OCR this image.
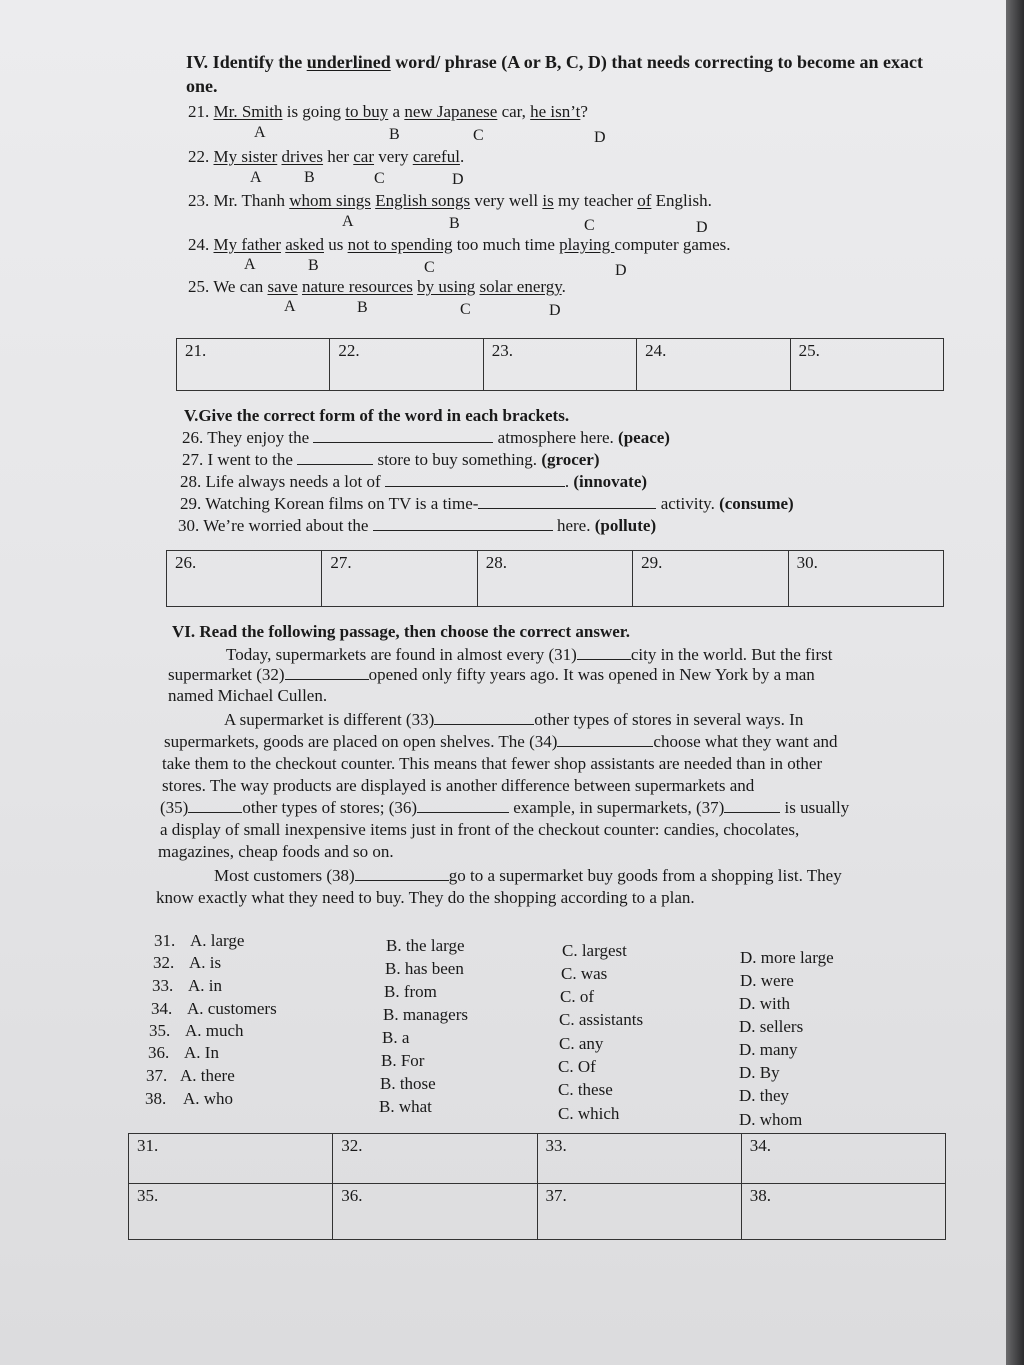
IV. Identify the underlined word/ phrase (A or B, C, D) that needs correcting to become an exact
one.
21. Mr. Smith is going to buy a new Japanese car, he isn’t?
A	B	C	D
22. My sister drives her car very careful.
A	B	C	D
23. Mr. Thanh whom sings English songs very well is my teacher of English.
A	B	C	D
24. My father asked us not to spending too much time playing computer games.
A	B	C	D
25. We can save nature resources by using solar energy.
A	B	C	D
21.	22.	23.	24.	25.
V.Give the correct form of the word in each brackets.
26. They enjoy the	atmosphere here. (peace)
27. I went to the	store to buy something. (grocer)
28. Life always needs a lot of	. (innovate)
29. Watching Korean films on TV is a time-	activity. (consume)
30. We’re worried about the	here. (pollute)
26.	27.	28.	29.	30.
VI. Read the following passage, then choose the correct answer.
Today, supermarkets are found in almost every (31)	city in the world. But the first
supermarket (32)	opened only fifty years ago. It was opened in New York by a man
named Michael Cullen.
A supermarket is different (33)	other types of stores in several ways. In
supermarkets, goods are placed on open shelves. The (34)	choose what they want and
take them to the checkout counter. This means that fewer shop assistants are needed than in other
stores. The way products are displayed is another difference between supermarkets and
(35)	other types of stores; (36)	example, in supermarkets, (37)	is usually
a display of small inexpensive items just in front of the checkout counter: candies, chocolates,
magazines, cheap foods and so on.
Most customers (38)	go to a supermarket buy goods from a shopping list. They
know exactly what they need to buy. They do the shopping according to a plan.
31. A. large	B. the large	C. largest	D. more large
32. A. is	B. has been	C. was	D. were
33. A. in	B. from	C. of	D. with
34. A. customers	B. managers	C. assistants	D. sellers
35. A. much	B. a	C. any	D. many
36. A. In	B. For	C. Of	D. By
37. A. there	B. those	C. these	D. they
38. A. who	B. what	C. which	D. whom
31.	32.	33.	34.
35.	36.	37.	38.
